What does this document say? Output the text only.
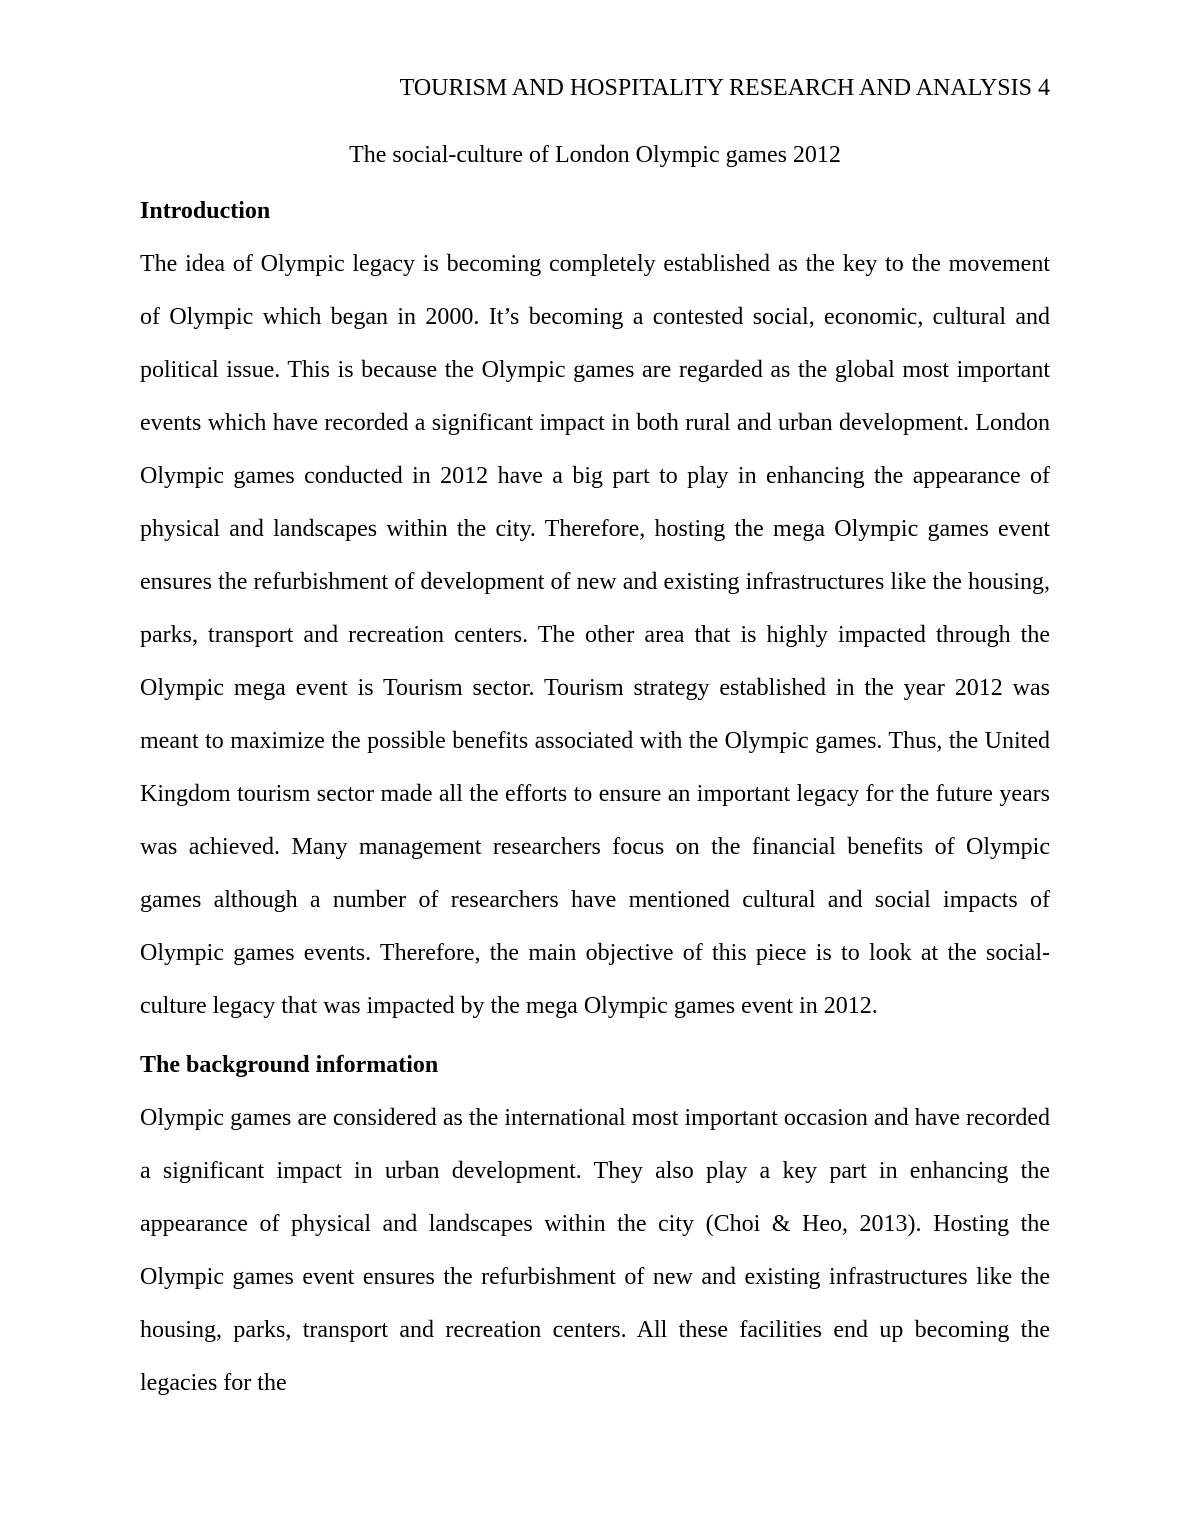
TOURISM AND HOSPITALITY RESEARCH AND ANALYSIS 4
The social-culture of London Olympic games 2012
Introduction

The idea of Olympic legacy is becoming completely established as the key to the movement of Olympic which began in 2000. It’s becoming a contested social, economic, cultural and political issue. This is because the Olympic games are regarded as the global most important events which have recorded a significant impact in both rural and urban development. London Olympic games conducted in 2012 have a big part to play in enhancing the appearance of physical and landscapes within the city. Therefore, hosting the mega Olympic games event ensures the refurbishment of development of new and existing infrastructures like the housing, parks, transport and recreation centers. The other area that is highly impacted through the Olympic mega event is Tourism sector. Tourism strategy established in the year 2012 was meant to maximize the possible benefits associated with the Olympic games. Thus, the United Kingdom tourism sector made all the efforts to ensure an important legacy for the future years was achieved. Many management researchers focus on the financial benefits of Olympic games although a number of researchers have mentioned cultural and social impacts of Olympic games events. Therefore, the main objective of this piece is to look at the social-culture legacy that was impacted by the mega Olympic games event in 2012.

The background information

Olympic games are considered as the international most important occasion and have recorded a significant impact in urban development. They also play a key part in enhancing the appearance of physical and landscapes within the city (Choi & Heo, 2013). Hosting the Olympic games event ensures the refurbishment of new and existing infrastructures like the housing, parks, transport and recreation centers. All these facilities end up becoming the legacies for the
